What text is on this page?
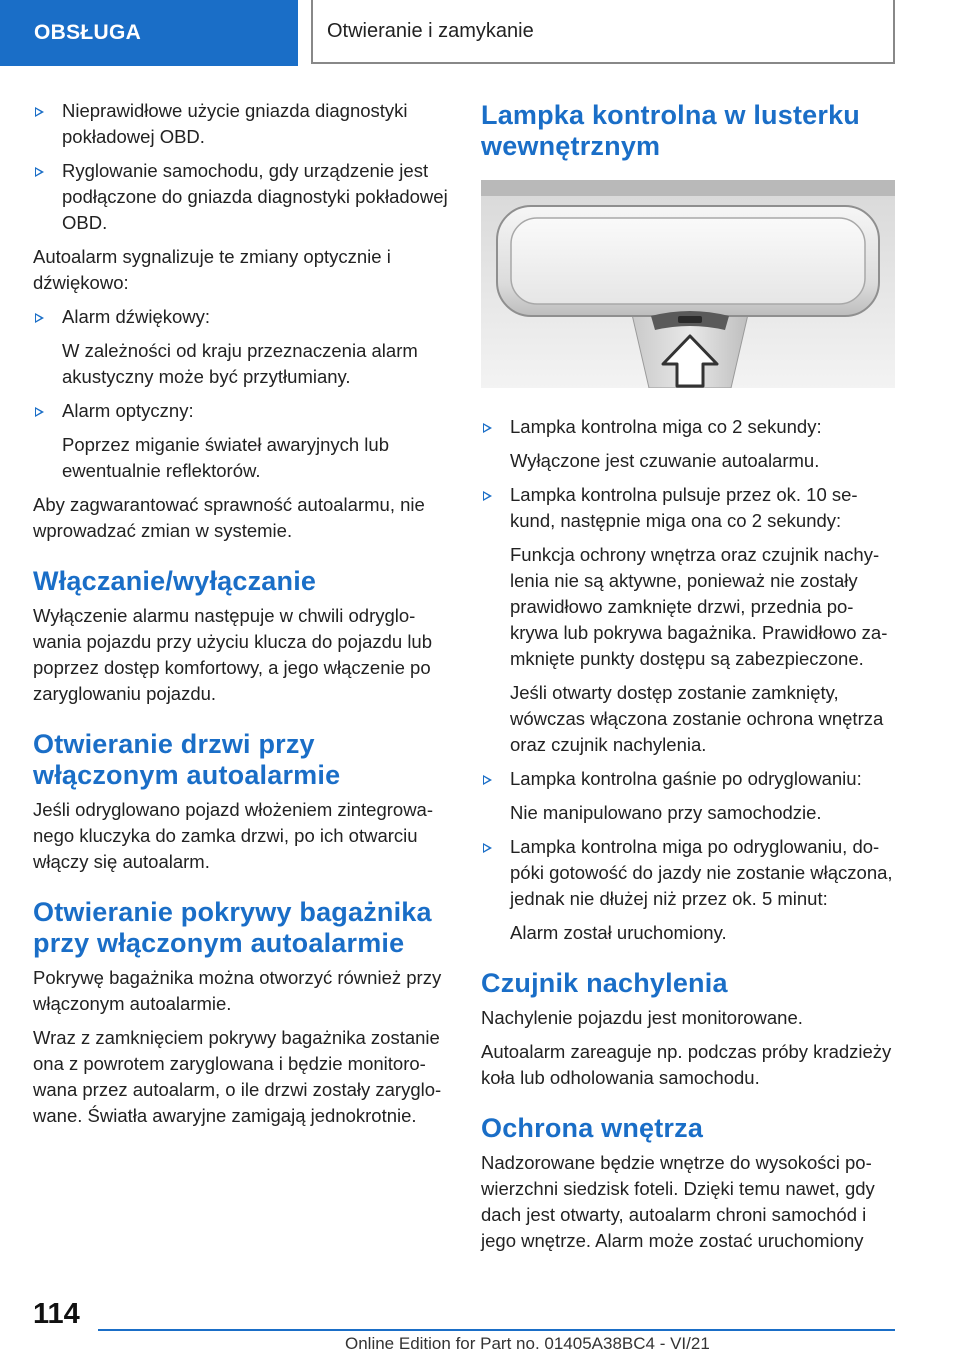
OBSŁUGA	Otwieranie i zamykanie
Nieprawidłowe użycie gniazda diagnostyki pokładowej OBD.
Ryglowanie samochodu, gdy urządzenie jest podłączone do gniazda diagnostyki pokładowej OBD.

Autoalarm sygnalizuje te zmiany optycznie i dźwiękowo:

Alarm dźwiękowy:

W zależności od kraju przeznaczenia alarm akustyczny może być przytłumiany.

Alarm optyczny:

Poprzez miganie świateł awaryjnych lub ewentualnie reflektorów.

Aby zagwarantować sprawność autoalarmu, nie wprowadzać zmian w systemie.

Włączanie/wyłączanie

Wyłączenie alarmu następuje w chwili odryglowania pojazdu przy użyciu klucza do pojazdu lub poprzez dostęp komfortowy, a jego włączenie po zaryglowaniu pojazdu.

Otwieranie drzwi przy włączonym autoalarmie

Jeśli odryglowano pojazd włożeniem zintegrowanego kluczyka do zamka drzwi, po ich otwarciu włączy się autoalarm.

Otwieranie pokrywy bagażnika przy włączonym autoalarmie

Pokrywę bagażnika można otworzyć również przy włączonym autoalarmie.

Wraz z zamknięciem pokrywy bagażnika zostanie ona z powrotem zaryglowana i będzie monitorowana przez autoalarm, o ile drzwi zostały zaryglowane. Światła awaryjne zamigają jednokrotnie.

Lampka kontrolna w lusterku wewnętrznym
Lampka kontrolna miga co 2 sekundy:

Wyłączone jest czuwanie autoalarmu.

Lampka kontrolna pulsuje przez ok. 10 sekund, następnie miga ona co 2 sekundy:

Funkcja ochrony wnętrza oraz czujnik nachylenia nie są aktywne, ponieważ nie zostały prawidłowo zamknięte drzwi, przednia pokrywa lub pokrywa bagażnika. Prawidłowo zamknięte punkty dostępu są zabezpieczone.

Jeśli otwarty dostęp zostanie zamknięty, wówczas włączona zostanie ochrona wnętrza oraz czujnik nachylenia.

Lampka kontrolna gaśnie po odryglowaniu:

Nie manipulowano przy samochodzie.

Lampka kontrolna miga po odryglowaniu, dopóki gotowość do jazdy nie zostanie włączona, jednak nie dłużej niż przez ok. 5 minut:

Alarm został uruchomiony.

Czujnik nachylenia

Nachylenie pojazdu jest monitorowane.

Autoalarm zareaguje np. podczas próby kradzieży koła lub odholowania samochodu.

Ochrona wnętrza

Nadzorowane będzie wnętrze do wysokości powierzchni siedzisk foteli. Dzięki temu nawet, gdy dach jest otwarty, autoalarm chroni samochód i jego wnętrze. Alarm może zostać uruchomiony

114
Online Edition for Part no. 01405A38BC4 - VI/21
